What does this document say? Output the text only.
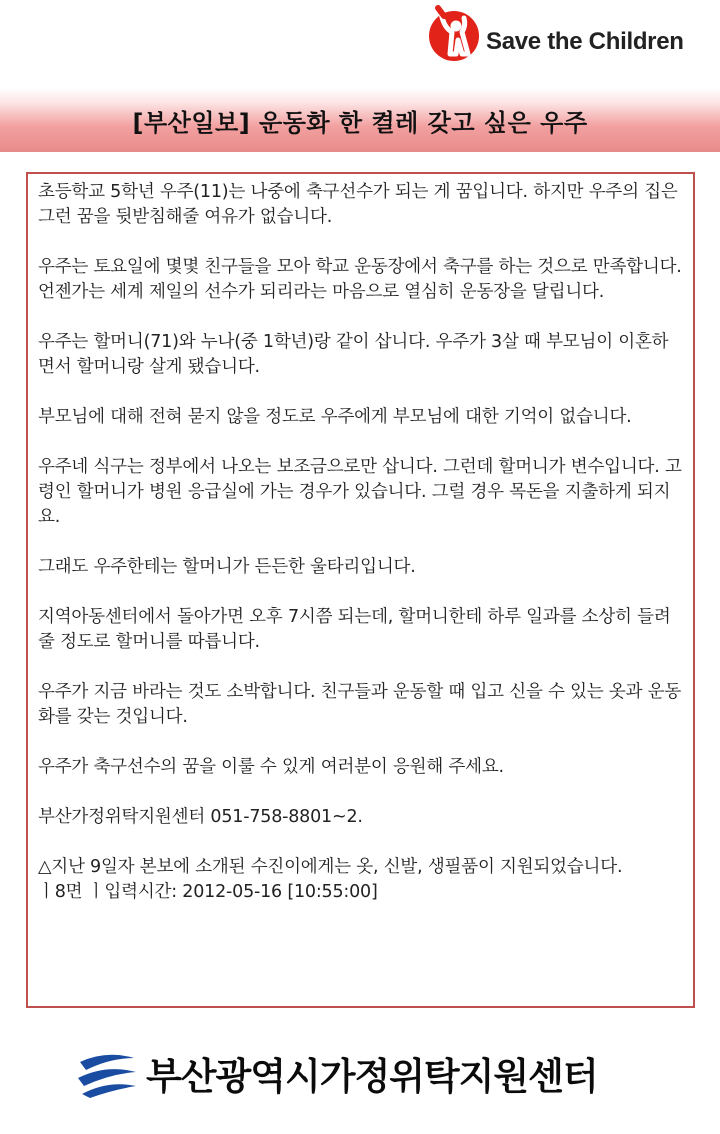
Save the Children
[부산일보] 운동화 한 켤레 갖고 싶은 우주

초등학교 5학년 우주(11)는 나중에 축구선수가 되는 게 꿈입니다. 하지만 우주의 집은 그런 꿈을 뒷받침해줄 여유가 없습니다.

우주는 토요일에 몇몇 친구들을 모아 학교 운동장에서 축구를 하는 것으로 만족합니다. 언젠가는 세계 제일의 선수가 되리라는 마음으로 열심히 운동장을 달립니다.

우주는 할머니(71)와 누나(중 1학년)랑 같이 삽니다. 우주가 3살 때 부모님이 이혼하면서 할머니랑 살게 됐습니다.

부모님에 대해 전혀 묻지 않을 정도로 우주에게 부모님에 대한 기억이 없습니다.

우주네 식구는 정부에서 나오는 보조금으로만 삽니다. 그런데 할머니가 변수입니다. 고령인 할머니가 병원 응급실에 가는 경우가 있습니다. 그럴 경우 목돈을 지출하게 되지요.

그래도 우주한테는 할머니가 든든한 울타리입니다.

지역아동센터에서 돌아가면 오후 7시쯤 되는데, 할머니한테 하루 일과를 소상히 들려줄 정도로 할머니를 따릅니다.

우주가 지금 바라는 것도 소박합니다. 친구들과 운동할 때 입고 신을 수 있는 옷과 운동화를 갖는 것입니다.

우주가 축구선수의 꿈을 이룰 수 있게 여러분이 응원해 주세요.

부산가정위탁지원센터 051-758-8801~2.

△지난 9일자 본보에 소개된 수진이에게는 옷, 신발, 생필품이 지원되었습니다.

ㅣ8면 ㅣ입력시간: 2012-05-16 [10:55:00]

부산광역시가정위탁지원센터
